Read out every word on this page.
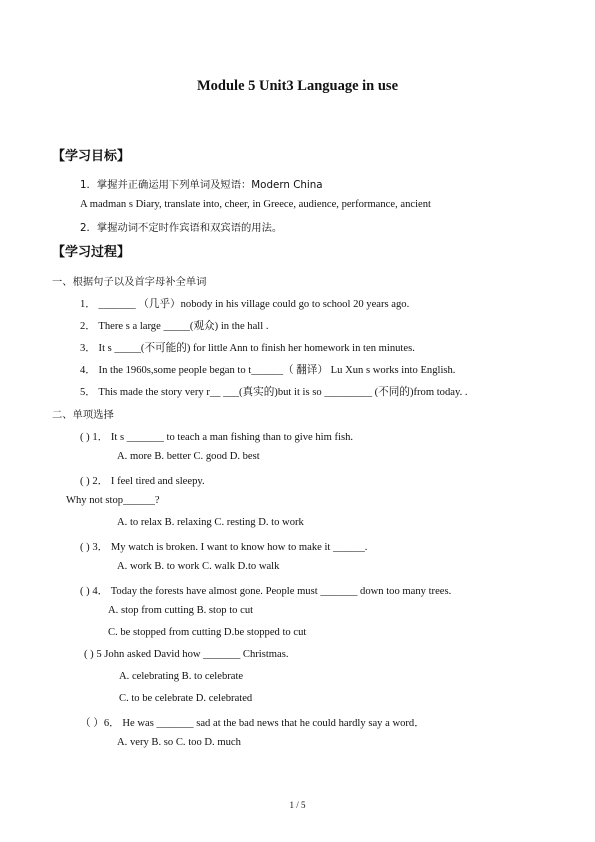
Module 5 Unit3 Language in use
【学习目标】
1．掌握并正确运用下列单词及短语：Modern China
A madman s Diary, translate into, cheer, in Greece, audience, performance, ancient
2．掌握动词不定时作宾语和双宾语的用法。
【学习过程】
一、根据句子以及首字母补全单词
1． _______ （几乎）nobody in his village could go to school 20 years ago.
2． There s a large _____(观众) in the hall .
3． It s _____(不可能的) for little Ann to finish her homework in ten minutes.
4． In the 1960s,some people began to t______（ 翻译） Lu Xun s works into English.
5． This made the story very r__ ___(真实的)but it is so _________ (不同的)from today. .
二、单项选择
( ) 1． It s _______ to teach a man fishing than to give him fish.
A. more B. better C. good D. best
( ) 2． I feel tired and sleepy.
Why not stop______?
A. to relax B. relaxing C. resting D. to work
( ) 3． My watch is broken. I want to know how to make it ______.
A. work B. to work C. walk D.to walk
( ) 4． Today the forests have almost gone. People must _______ down too many trees.
A. stop from cutting B. stop to cut
C. be stopped from cutting D.be stopped to cut
( ) 5 John asked David how _______ Christmas.
A. celebrating B. to celebrate
C. to be celebrate D. celebrated
（ ）6． He was _______ sad at the bad news that he could hardly say a word．
A. very B. so C. too D. much
1 / 5
